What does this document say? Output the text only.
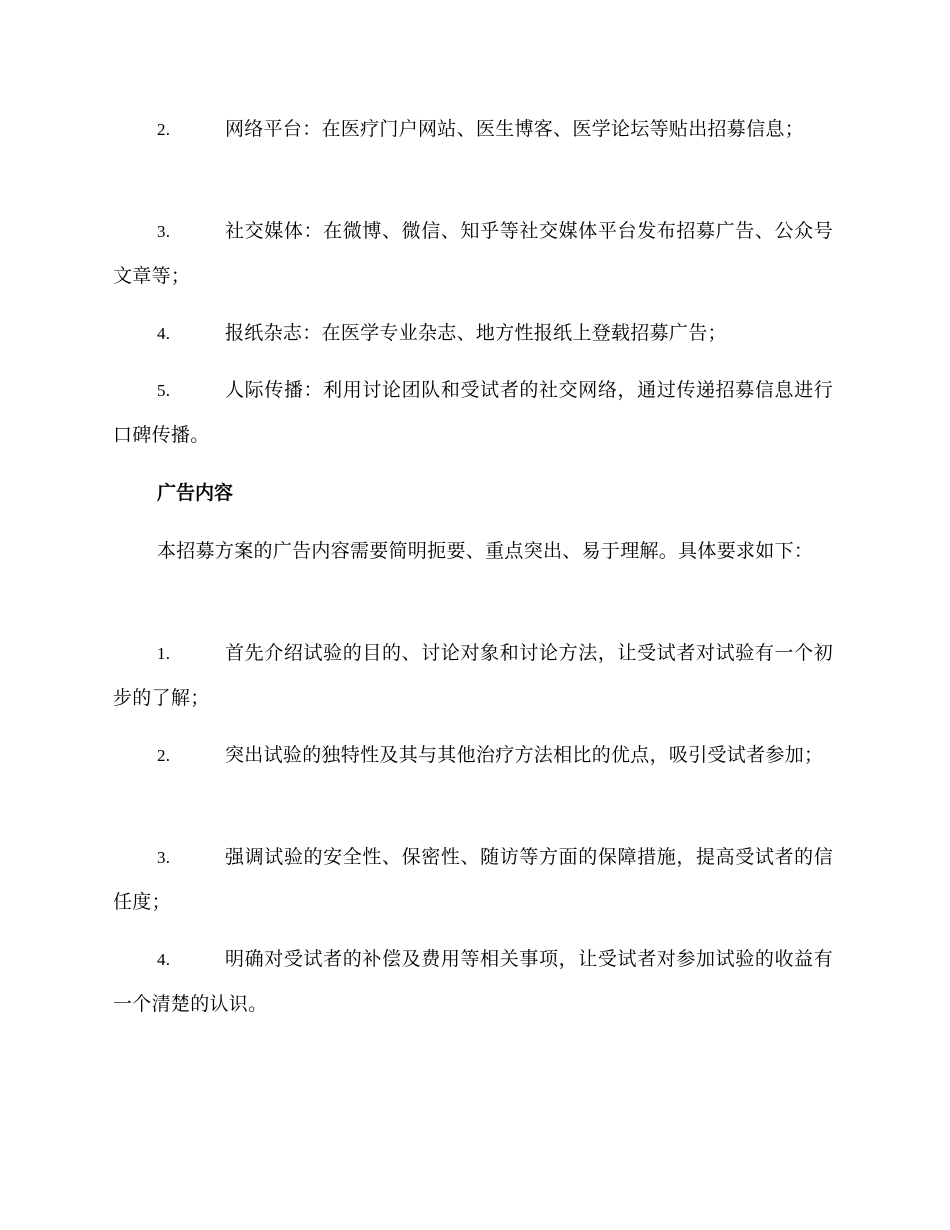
2.	网络平台：在医疗门户网站、医生博客、医学论坛等贴出招募信息；
3.	社交媒体：在微博、微信、知乎等社交媒体平台发布招募广告、公众号文章等；
4.	报纸杂志：在医学专业杂志、地方性报纸上登载招募广告；
5.	人际传播：利用讨论团队和受试者的社交网络，通过传递招募信息进行口碑传播。
广告内容
本招募方案的广告内容需要简明扼要、重点突出、易于理解。具体要求如下：
1.	首先介绍试验的目的、讨论对象和讨论方法，让受试者对试验有一个初步的了解；
2.	突出试验的独特性及其与其他治疗方法相比的优点，吸引受试者参加；
3.	强调试验的安全性、保密性、随访等方面的保障措施，提高受试者的信任度；
4.	明确对受试者的补偿及费用等相关事项，让受试者对参加试验的收益有一个清楚的认识。
